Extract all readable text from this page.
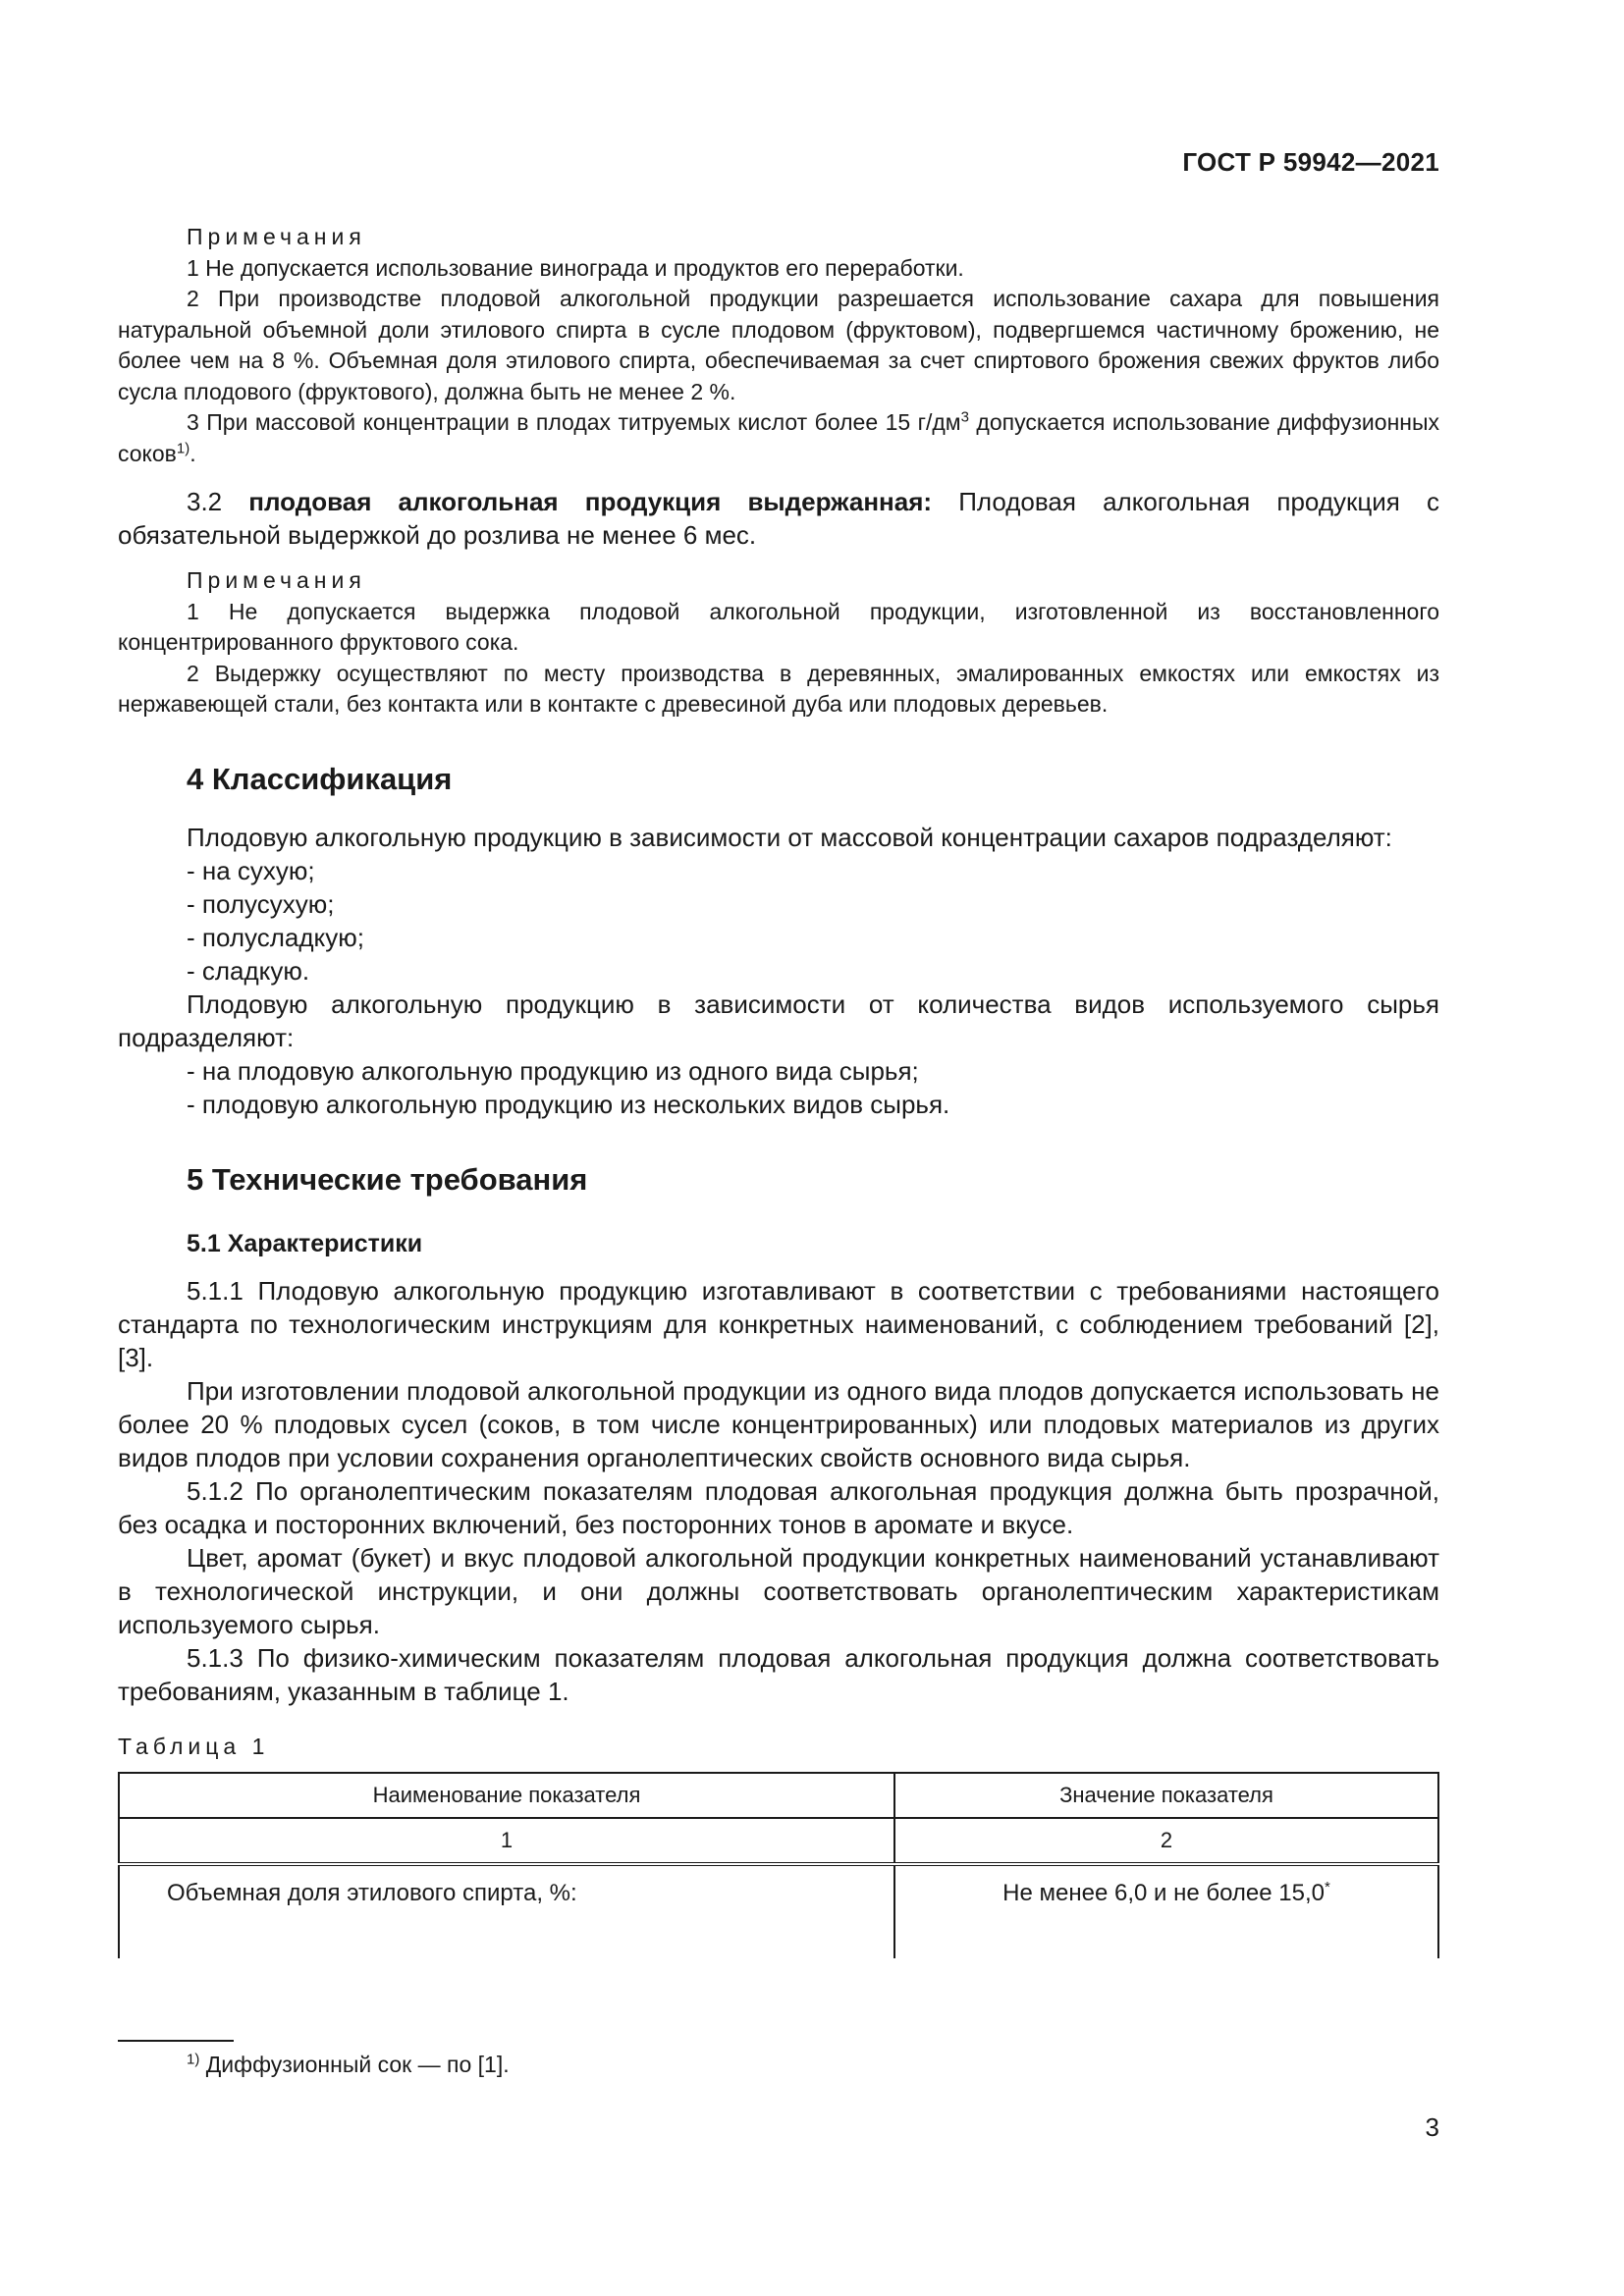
ГОСТ Р 59942—2021
Примечания

1 Не допускается использование винограда и продуктов его переработки.

2 При производстве плодовой алкогольной продукции разрешается использование сахара для повышения натуральной объемной доли этилового спирта в сусле плодовом (фруктовом), подвергшемся частичному брожению, не более чем на 8 %. Объемная доля этилового спирта, обеспечиваемая за счет спиртового брожения свежих фруктов либо сусла плодового (фруктового), должна быть не менее 2 %.

3 При массовой концентрации в плодах титруемых кислот более 15 $г/дм^3$ допускается использование диффузионных соков$^{1)}$.

3.2 плодовая алкогольная продукция выдержанная: Плодовая алкогольная продукция с обязательной выдержкой до розлива не менее 6 мес.

Примечания

1 Не допускается выдержка плодовой алкогольной продукции, изготовленной из восстановленного концентрированного фруктового сока.

2 Выдержку осуществляют по месту производства в деревянных, эмалированных емкостях или емкостях из нержавеющей стали, без контакта или в контакте с древесиной дуба или плодовых деревьев.

4 Классификация

Плодовую алкогольную продукцию в зависимости от массовой концентрации сахаров подразделяют:

- на сухую;

- полусухую;

- полусладкую;

- сладкую.

Плодовую алкогольную продукцию в зависимости от количества видов используемого сырья подразделяют:

- на плодовую алкогольную продукцию из одного вида сырья;

- плодовую алкогольную продукцию из нескольких видов сырья.

5 Технические требования
5.1 Характеристики

5.1.1 Плодовую алкогольную продукцию изготавливают в соответствии с требованиями настоящего стандарта по технологическим инструкциям для конкретных наименований, с соблюдением требований [2], [3].

При изготовлении плодовой алкогольной продукции из одного вида плодов допускается использовать не более 20 % плодовых сусел (соков, в том числе концентрированных) или плодовых материалов из других видов плодов при условии сохранения органолептических свойств основного вида сырья.

5.1.2 По органолептическим показателям плодовая алкогольная продукция должна быть прозрачной, без осадка и посторонних включений, без посторонних тонов в аромате и вкусе.

Цвет, аромат (букет) и вкус плодовой алкогольной продукции конкретных наименований устанавливают в технологической инструкции, и они должны соответствовать органолептическим характеристикам используемого сырья.

5.1.3 По физико-химическим показателям плодовая алкогольная продукция должна соответствовать требованиям, указанным в таблице 1.

Таблица 1
Наименование показателя	Значение показателя
1	2
Объемная доля этилового спирта, %:	Не менее 6,0 и не более 15,0*
$^{1)}$ Диффузионный сок — по [1].
3
